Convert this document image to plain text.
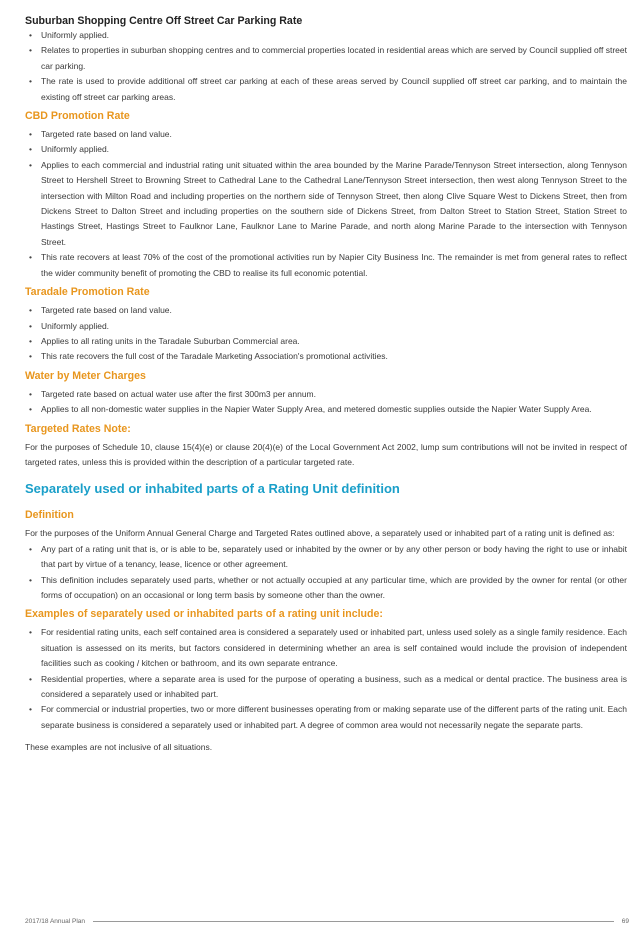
Suburban Shopping Centre Off Street Car Parking Rate
• Uniformly applied.
• Relates to properties in suburban shopping centres and to commercial properties located in residential areas which are served by Council supplied off street car parking.
• The rate is used to provide additional off street car parking at each of these areas served by Council supplied off street car parking, and to maintain the existing off street car parking areas.
CBD Promotion Rate
• Targeted rate based on land value.
• Uniformly applied.
• Applies to each commercial and industrial rating unit situated within the area bounded by the Marine Parade/Tennyson Street intersection, along Tennyson Street to Hershell Street to Browning Street to Cathedral Lane to the Cathedral Lane/Tennyson Street intersection, then west along Tennyson Street to the intersection with Milton Road and including properties on the northern side of Tennyson Street, then along Clive Square West to Dickens Street, then from Dickens Street to Dalton Street and including properties on the southern side of Dickens Street, from Dalton Street to Station Street, Station Street to Hastings Street, Hastings Street to Faulknor Lane, Faulknor Lane to Marine Parade, and north along Marine Parade to the intersection with Tennyson Street.
• This rate recovers at least 70% of the cost of the promotional activities run by Napier City Business Inc. The remainder is met from general rates to reflect the wider community benefit of promoting the CBD to realise its full economic potential.
Taradale Promotion Rate
• Targeted rate based on land value.
• Uniformly applied.
• Applies to all rating units in the Taradale Suburban Commercial area.
• This rate recovers the full cost of the Taradale Marketing Association's promotional activities.
Water by Meter Charges
• Targeted rate based on actual water use after the first 300m3 per annum.
• Applies to all non-domestic water supplies in the Napier Water Supply Area, and metered domestic supplies outside the Napier Water Supply Area.
Targeted Rates Note:

For the purposes of Schedule 10, clause 15(4)(e) or clause 20(4)(e) of the Local Government Act 2002, lump sum contributions will not be invited in respect of targeted rates, unless this is provided within the description of a particular targeted rate.

Separately used or inhabited parts of a Rating Unit definition
Definition

For the purposes of the Uniform Annual General Charge and Targeted Rates outlined above, a separately used or inhabited part of a rating unit is defined as:

• Any part of a rating unit that is, or is able to be, separately used or inhabited by the owner or by any other person or body having the right to use or inhabit that part by virtue of a tenancy, lease, licence or other agreement.
• This definition includes separately used parts, whether or not actually occupied at any particular time, which are provided by the owner for rental (or other forms of occupation) on an occasional or long term basis by someone other than the owner.
Examples of separately used or inhabited parts of a rating unit include:
• For residential rating units, each self contained area is considered a separately used or inhabited part, unless used solely as a single family residence. Each situation is assessed on its merits, but factors considered in determining whether an area is self contained would include the provision of independent facilities such as cooking / kitchen or bathroom, and its own separate entrance.
• Residential properties, where a separate area is used for the purpose of operating a business, such as a medical or dental practice. The business area is considered a separately used or inhabited part.
• For commercial or industrial properties, two or more different businesses operating from or making separate use of the different parts of the rating unit. Each separate business is considered a separately used or inhabited part. A degree of common area would not necessarily negate the separate parts.

These examples are not inclusive of all situations.

2017/18 Annual Plan	69
